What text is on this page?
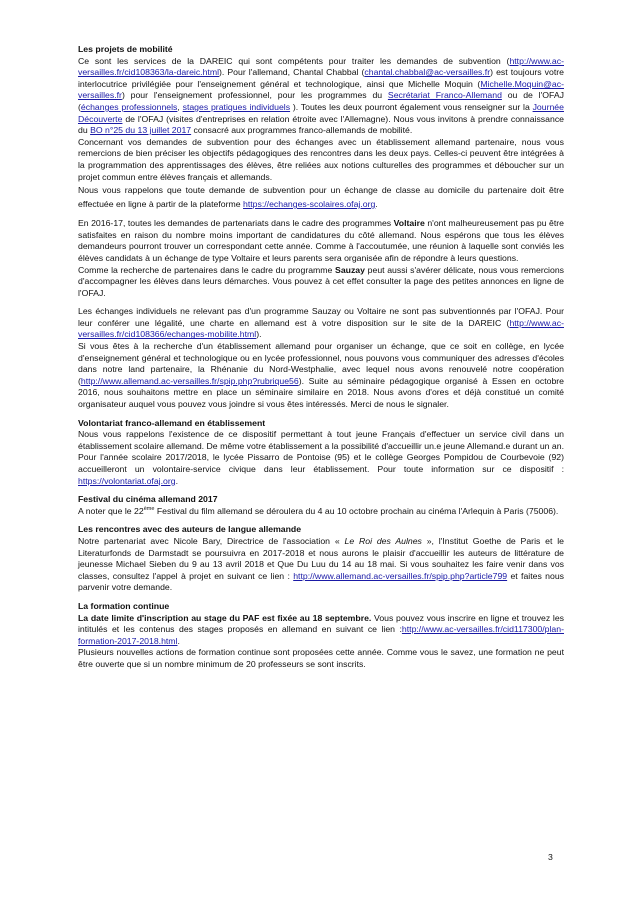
Les projets de mobilité

Ce sont les services de la DAREIC qui sont compétents pour traiter les demandes de subvention (http://www.ac-versailles.fr/cid108363/la-dareic.html). Pour l'allemand, Chantal Chabbal (chantal.chabbal@ac-versailles.fr) est toujours votre interlocutrice privilégiée pour l'enseignement général et technologique, ainsi que Michelle Moquin (Michelle.Moquin@ac-versailles.fr) pour l'enseignement professionnel, pour les programmes du Secrétariat Franco-Allemand ou de l'OFAJ (échanges professionnels, stages pratiques individuels ). Toutes les deux pourront également vous renseigner sur la Journée Découverte de l'OFAJ (visites d'entreprises en relation étroite avec l'Allemagne). Nous vous invitons à prendre connaissance du BO n°25 du 13 juillet 2017 consacré aux programmes franco-allemands de mobilité.

Concernant vos demandes de subvention pour des échanges avec un établissement allemand partenaire, nous vous remercions de bien préciser les objectifs pédagogiques des rencontres dans les deux pays. Celles-ci peuvent être intégrées à la programmation des apprentissages des élèves, être reliées aux notions culturelles des programmes et déboucher sur un projet commun entre élèves français et allemands.

Nous vous rappelons que toute demande de subvention pour un échange de classe au domicile du partenaire doit être effectuée en ligne à partir de la plateforme https://echanges-scolaires.ofaj.org.

En 2016-17, toutes les demandes de partenariats dans le cadre des programmes Voltaire n'ont malheureusement pas pu être satisfaites en raison du nombre moins important de candidatures du côté allemand. Nous espérons que tous les élèves demandeurs pourront trouver un correspondant cette année. Comme à l'accoutumée, une réunion à laquelle sont conviés les élèves candidats à un échange de type Voltaire et leurs parents sera organisée afin de répondre à leurs questions.

Comme la recherche de partenaires dans le cadre du programme Sauzay peut aussi s'avérer délicate, nous vous remercions d'accompagner les élèves dans leurs démarches. Vous pouvez à cet effet consulter la page des petites annonces en ligne de l'OFAJ.

Les échanges individuels ne relevant pas d'un programme Sauzay ou Voltaire ne sont pas subventionnés par l'OFAJ. Pour leur conférer une légalité, une charte en allemand est à votre disposition sur le site de la DAREIC (http://www.ac-versailles.fr/cid108366/echanges-mobilite.html).

Si vous êtes à la recherche d'un établissement allemand pour organiser un échange, que ce soit en collège, en lycée d'enseignement général et technologique ou en lycée professionnel, nous pouvons vous communiquer des adresses d'écoles dans notre land partenaire, la Rhénanie du Nord-Westphalie, avec lequel nous avons renouvelé notre coopération (http://www.allemand.ac-versailles.fr/spip.php?rubrique56). Suite au séminaire pédagogique organisé à Essen en octobre 2016, nous souhaitons mettre en place un séminaire similaire en 2018. Nous avons d'ores et déjà constitué un comité organisateur auquel vous pouvez vous joindre si vous êtes intéressés. Merci de nous le signaler.

Volontariat franco-allemand en établissement

Nous vous rappelons l'existence de ce dispositif permettant à tout jeune Français d'effectuer un service civil dans un établissement scolaire allemand. De même votre établissement a la possibilité d'accueillir un.e jeune Allemand.e durant un an. Pour l'année scolaire 2017/2018, le lycée Pissarro de Pontoise (95) et le collège Georges Pompidou de Courbevoie (92) accueilleront un volontaire-service civique dans leur établissement. Pour toute information sur ce dispositif : https://volontariat.ofaj.org.

Festival du cinéma allemand 2017

A noter que le 22ème Festival du film allemand se déroulera du 4 au 10 octobre prochain au cinéma l'Arlequin à Paris (75006).

Les rencontres avec des auteurs de langue allemande

Notre partenariat avec Nicole Bary, Directrice de l'association « Le Roi des Aulnes », l'Institut Goethe de Paris et le Literaturfonds de Darmstadt se poursuivra en 2017-2018 et nous aurons le plaisir d'accueillir les auteurs de littérature de jeunesse Michael Sieben du 9 au 13 avril 2018 et Que Du Luu du 14 au 18 mai. Si vous souhaitez les faire venir dans vos classes, consultez l'appel à projet en suivant ce lien : http://www.allemand.ac-versailles.fr/spip.php?article799 et faites nous parvenir votre demande.

La formation continue

La date limite d'inscription au stage du PAF est fixée au 18 septembre. Vous pouvez vous inscrire en ligne et trouvez les intitulés et les contenus des stages proposés en allemand en suivant ce lien :http://www.ac-versailles.fr/cid117300/plan-formation-2017-2018.html.

Plusieurs nouvelles actions de formation continue sont proposées cette année. Comme vous le savez, une formation ne peut être ouverte que si un nombre minimum de 20 professeurs se sont inscrits.

3
